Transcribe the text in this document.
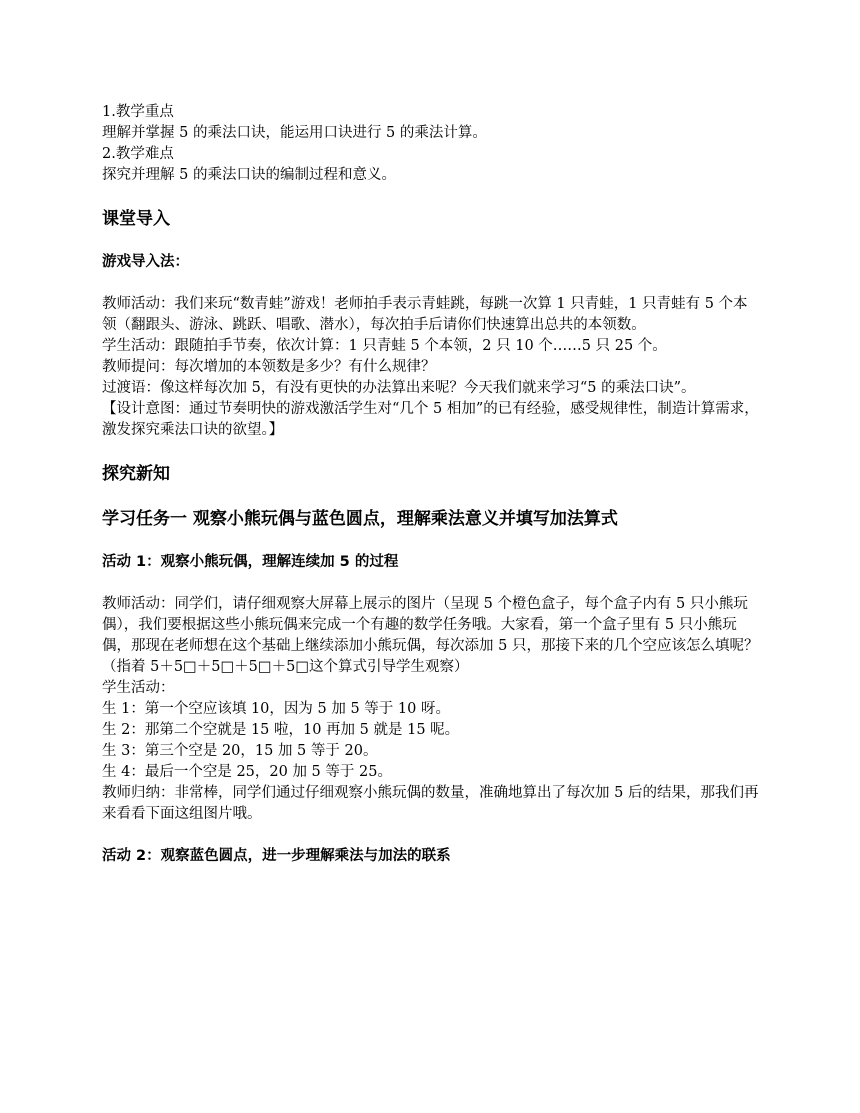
1.教学重点

理解并掌握 5 的乘法口诀，能运用口诀进行 5 的乘法计算。

2.教学难点

探究并理解 5 的乘法口诀的编制过程和意义。

课堂导入

游戏导入法：

教师活动：我们来玩“数青蛙”游戏！老师拍手表示青蛙跳，每跳一次算 1 只青蛙，1 只青蛙有 5 个本领（翻跟头、游泳、跳跃、唱歌、潜水），每次拍手后请你们快速算出总共的本领数。

学生活动：跟随拍手节奏，依次计算：1 只青蛙 5 个本领，2 只 10 个……5 只 25 个。

教师提问：每次增加的本领数是多少？有什么规律？

过渡语：像这样每次加 5，有没有更快的办法算出来呢？今天我们就来学习“5 的乘法口诀”。

【设计意图：通过节奏明快的游戏激活学生对“几个 5 相加”的已有经验，感受规律性，制造计算需求，激发探究乘法口诀的欲望。】

探究新知

学习任务一 观察小熊玩偶与蓝色圆点，理解乘法意义并填写加法算式

活动 1：观察小熊玩偶，理解连续加 5 的过程

教师活动：同学们，请仔细观察大屏幕上展示的图片（呈现 5 个橙色盒子，每个盒子内有 5 只小熊玩偶），我们要根据这些小熊玩偶来完成一个有趣的数学任务哦。大家看，第一个盒子里有 5 只小熊玩偶，那现在老师想在这个基础上继续添加小熊玩偶，每次添加 5 只，那接下来的几个空应该怎么填呢？（指着 5＋5□＋5□＋5□＋5□这个算式引导学生观察）

学生活动：

生 1：第一个空应该填 10，因为 5 加 5 等于 10 呀。

生 2：那第二个空就是 15 啦，10 再加 5 就是 15 呢。

生 3：第三个空是 20，15 加 5 等于 20。

生 4：最后一个空是 25，20 加 5 等于 25。

教师归纳：非常棒，同学们通过仔细观察小熊玩偶的数量，准确地算出了每次加 5 后的结果，那我们再来看看下面这组图片哦。

活动 2：观察蓝色圆点，进一步理解乘法与加法的联系
